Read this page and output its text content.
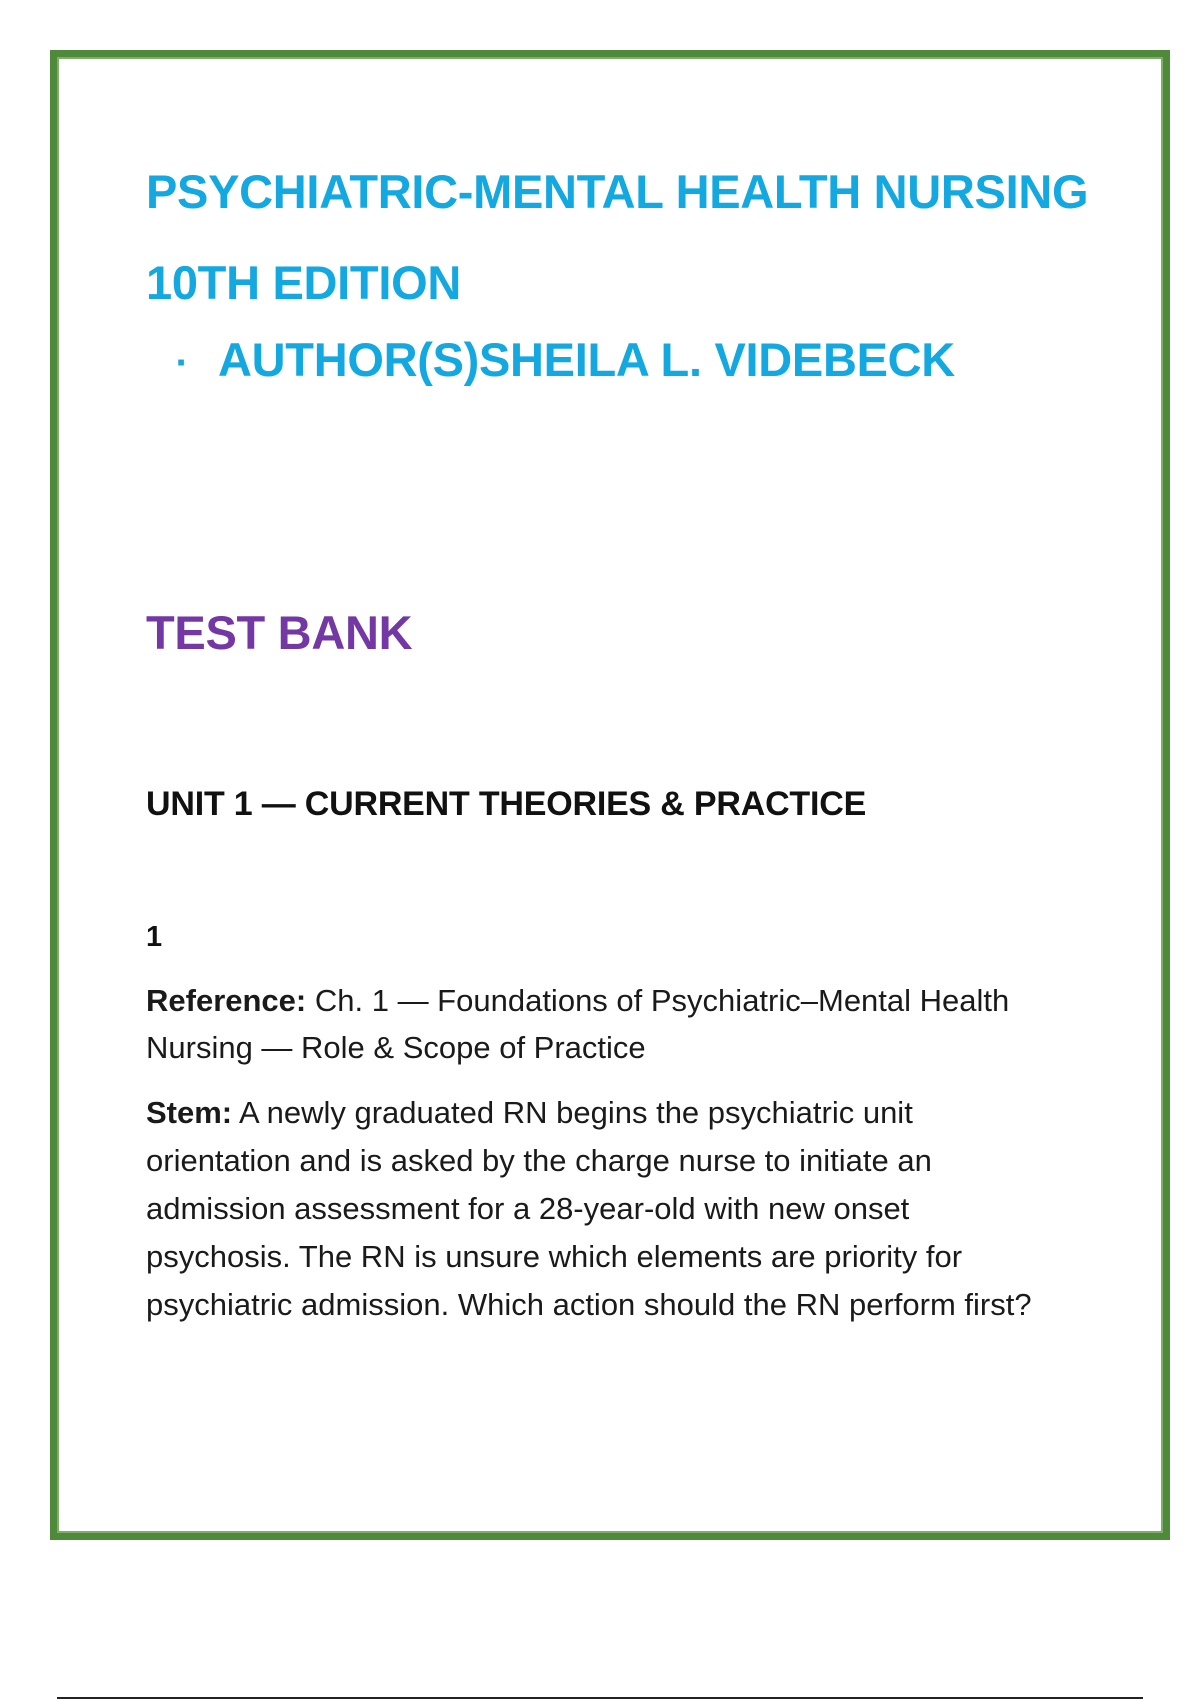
PSYCHIATRIC-MENTAL HEALTH NURSING
10TH EDITION
· AUTHOR(S)SHEILA L. VIDEBECK
TEST BANK
UNIT 1 — CURRENT THEORIES & PRACTICE
1

Reference: Ch. 1 — Foundations of Psychiatric–Mental Health Nursing — Role & Scope of Practice

Stem: A newly graduated RN begins the psychiatric unit orientation and is asked by the charge nurse to initiate an admission assessment for a 28-year-old with new onset psychosis. The RN is unsure which elements are priority for psychiatric admission. Which action should the RN perform first?
